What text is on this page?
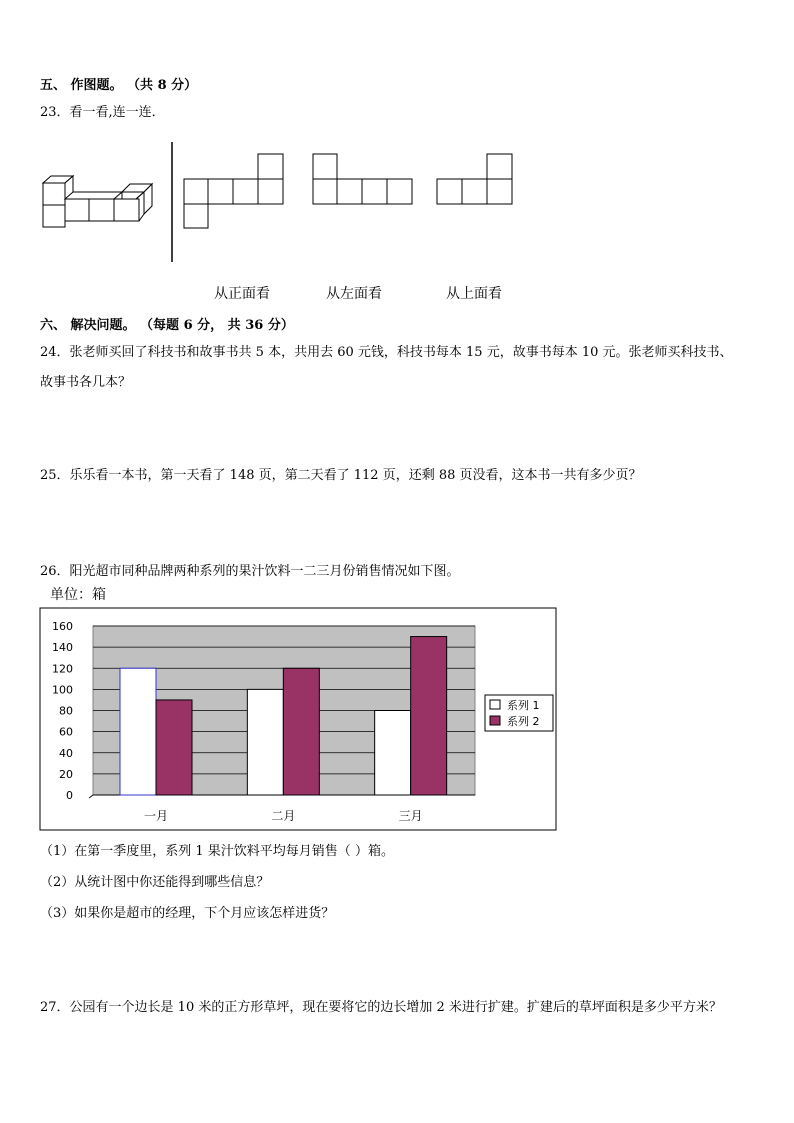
五、 作图题。 （共 8 分）
23．看一看,连一连．
从正面看	从左面看	从上面看
六、 解决问题。 （每题 6 分， 共 36 分）
24．张老师买回了科技书和故事书共 5 本，共用去 60 元钱，科技书每本 15 元，故事书每本 10 元。张老师买科技书、
故事书各几本？
25．乐乐看一本书，第一天看了 148 页，第二天看了 112 页，还剩 88 页没看，这本书一共有多少页？
26．阳光超市同种品牌两种系列的果汁饮料一二三月份销售情况如下图。
单位：箱
0
20
40
60
80
100
120
140
160
一月	二月	三月
系列 1
系列 2
（1）在第一季度里，系列 1 果汁饮料平均每月销售（ ）箱。
（2）从统计图中你还能得到哪些信息？
（3）如果你是超市的经理，下个月应该怎样进货？
27．公园有一个边长是 10 米的正方形草坪，现在要将它的边长增加 2 米进行扩建。扩建后的草坪面积是多少平方米？
